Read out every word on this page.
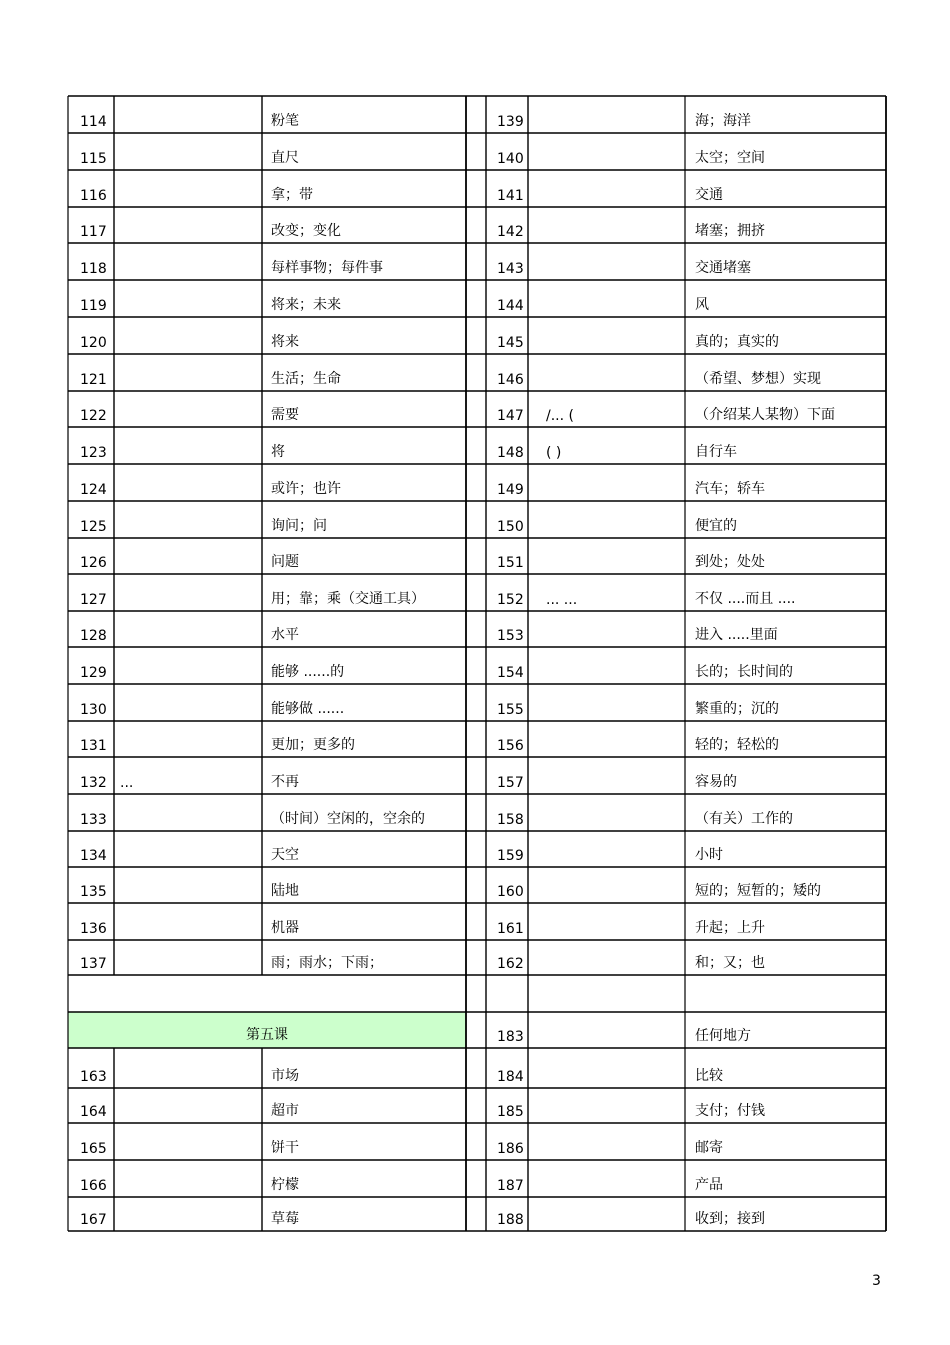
114	粉笔	139	海；海洋
115	直尺	140	太空；空间
116	拿；带	141	交通
117	改变；变化	142	堵塞；拥挤
118	每样事物；每件事	143	交通堵塞
119	将来；未来	144	风
120	将来	145	真的；真实的
121	生活；生命	146	（希望、梦想）实现
122	需要	147 /... (	（介绍某人某物）下面
123	将	148 ( )	自行车
124	或许；也许	149	汽车；轿车
125	询问；问	150	便宜的
126	问题	151	到处；处处
127	用；靠；乘（交通工具）	152 ... ...	不仅 ....而且 ....
128	水平	153	进入 .....里面
129	能够 ......的	154	长的；长时间的
130	能够做 ......	155	繁重的；沉的
131	更加；更多的	156	轻的；轻松的
132 ...	不再	157	容易的
133	（时间）空闲的，空余的	158	（有关）工作的
134	天空	159	小时
135	陆地	160	短的；短暂的；矮的
136	机器	161	升起；上升
137	雨；雨水；下雨；	162	和；又；也
第五课	183	任何地方
163	市场	184	比较
164	超市	185	支付；付钱
165	饼干	186	邮寄
166	柠檬	187	产品
167	草莓	188	收到；接到
3
